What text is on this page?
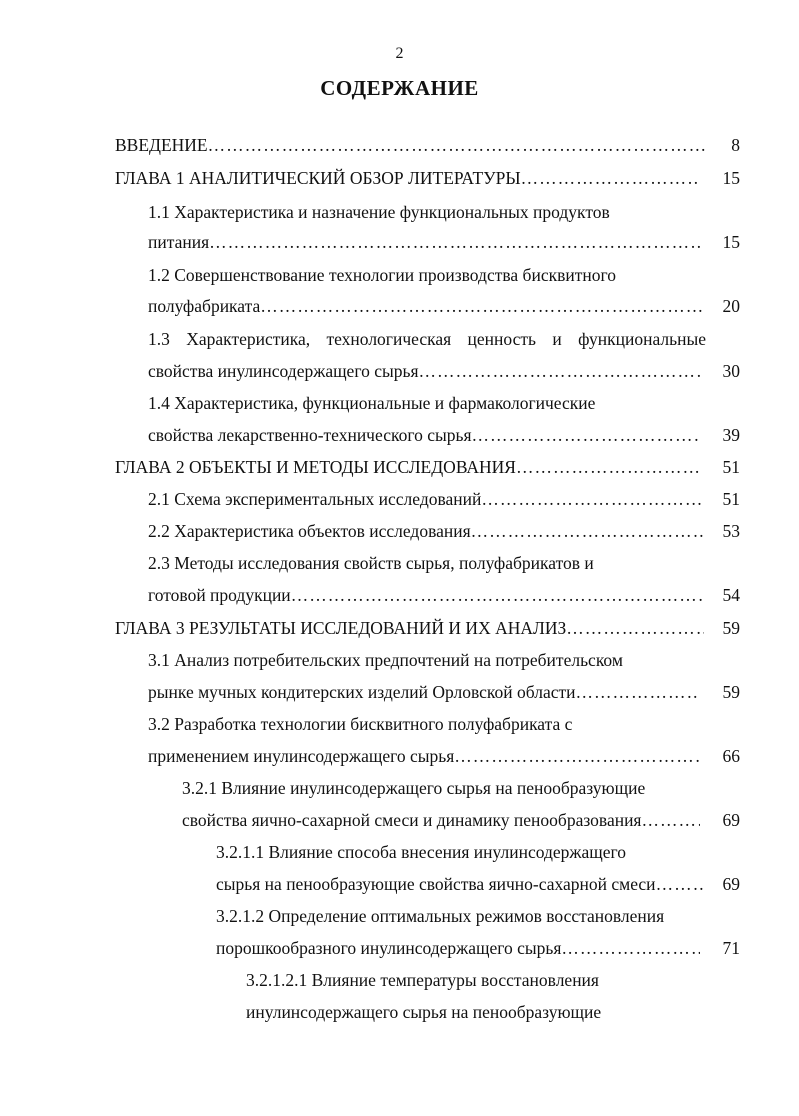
2
СОДЕРЖАНИЕ
ВВЕДЕНИЕ …………………………………………………………………………………………………………………………………………………	8
ГЛАВА 1 АНАЛИТИЧЕСКИЙ ОБЗОР ЛИТЕРАТУРЫ …………………………………………………………………………………………………………………………………………………	15
1.1 Характеристика и назначение функциональных продуктов
питания …………………………………………………………………………………………………………………………………………………	15
1.2 Совершенствование технологии производства бисквитного
полуфабриката …………………………………………………………………………………………………………………………………………………	20
1.3 Характеристика, технологическая ценность и функциональные
свойства инулинсодержащего сырья …………………………………………………………………………………………………………………………………………………	30
1.4 Характеристика, функциональные и фармакологические
свойства лекарственно-технического сырья …………………………………………………………………………………………………………………………………………………	39
ГЛАВА 2 ОБЪЕКТЫ И МЕТОДЫ ИССЛЕДОВАНИЯ …………………………………………………………………………………………………………………………………………………	51
2.1 Схема экспериментальных исследований …………………………………………………………………………………………………………………………………………………	51
2.2 Характеристика объектов исследования …………………………………………………………………………………………………………………………………………………	53
2.3 Методы исследования свойств сырья, полуфабрикатов и
готовой продукции …………………………………………………………………………………………………………………………………………………	54
ГЛАВА 3 РЕЗУЛЬТАТЫ ИССЛЕДОВАНИЙ И ИХ АНАЛИЗ …………………………………………………………………………………………………………………………………………………	59
3.1 Анализ потребительских предпочтений на потребительском
рынке мучных кондитерских изделий Орловской области …………………………………………………………………………………………………………………………………………………	59
3.2 Разработка технологии бисквитного полуфабриката с
применением инулинсодержащего сырья …………………………………………………………………………………………………………………………………………………	66
3.2.1 Влияние инулинсодержащего сырья на пенообразующие
свойства яично-сахарной смеси и динамику пенообразования …………………………………………………………………………………………………………………………………………………	69
3.2.1.1 Влияние способа внесения инулинсодержащего
сырья на пенообразующие свойства яично-сахарной смеси …………………………………………………………………………………………………………………………………………………	69
3.2.1.2 Определение оптимальных режимов восстановления
порошкообразного инулинсодержащего сырья …………………………………………………………………………………………………………………………………………………	71
3.2.1.2.1 Влияние температуры восстановления
инулинсодержащего сырья на пенообразующие
